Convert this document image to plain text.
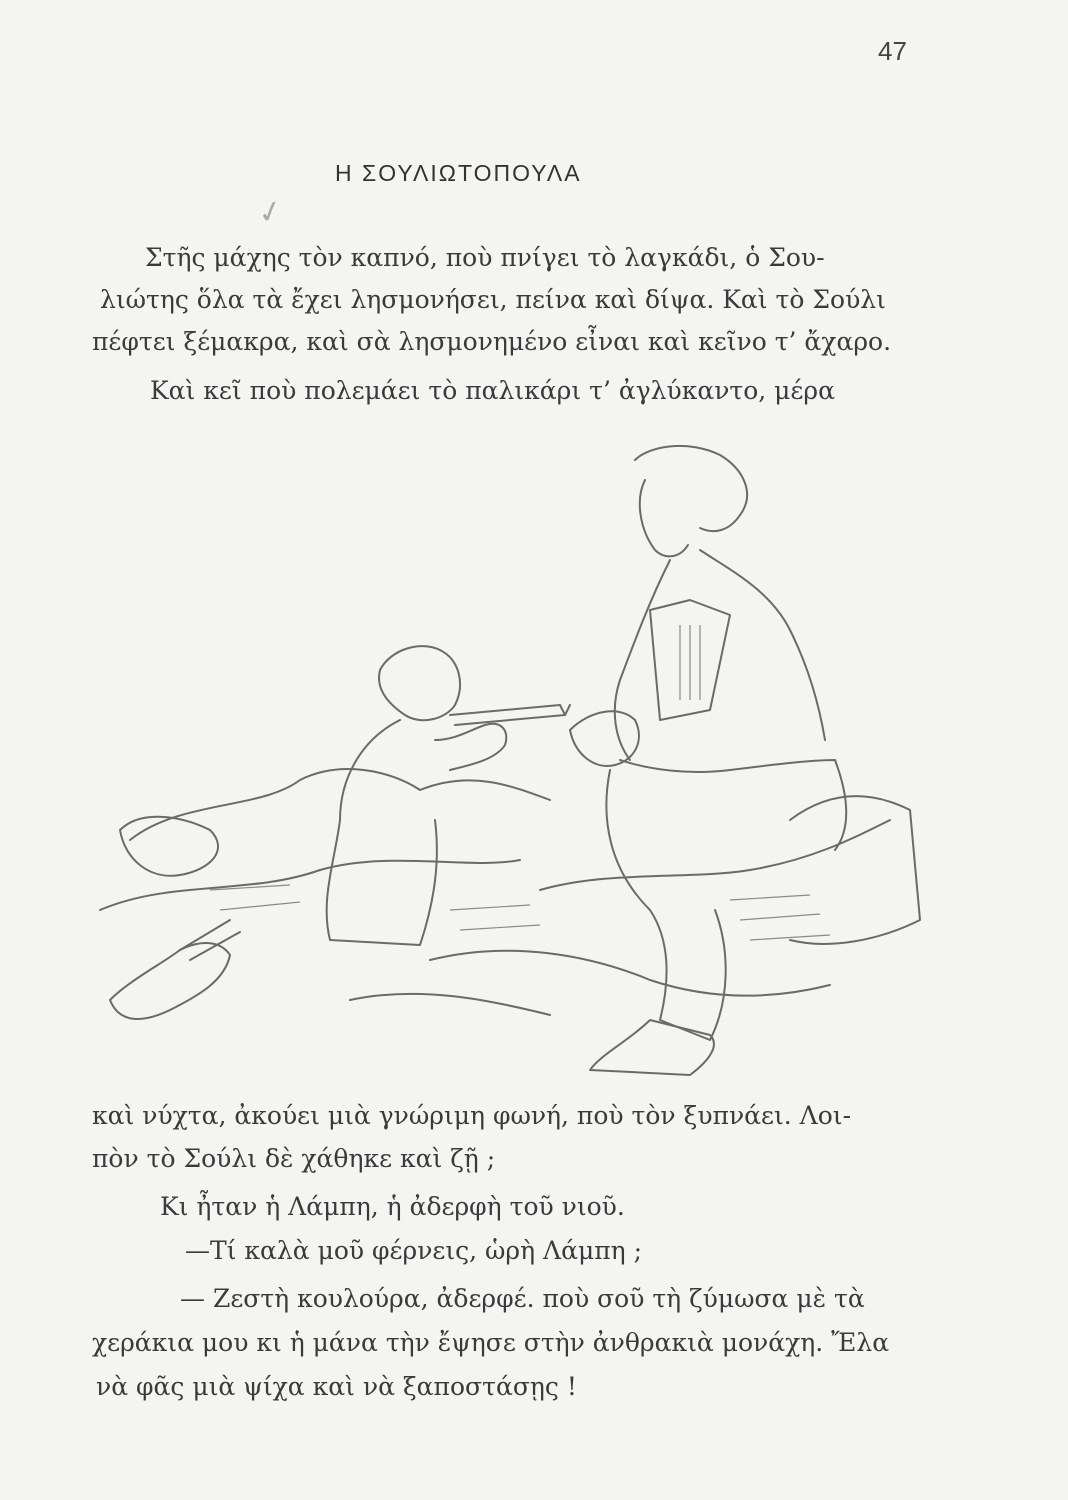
47
✓
Η ΣΟΥΛΙΩΤΟΠΟΥΛΑ
Στῆς μάχης τὸν καπνό, ποὺ πνίγει τὸ λαγκάδι, ὁ Σου-
λιώτης ὅλα τὰ ἔχει λησμονήσει, πείνα καὶ δίψα. Καὶ τὸ Σούλι
πέφτει ξέμακρα, καὶ σὰ λησμονημένο εἶναι καὶ κεῖνο τ’ ἄχαρο.
Καὶ κεῖ ποὺ πολεμάει τὸ παλικάρι τ’ ἀγλύκαντο, μέρα
καὶ νύχτα, ἀκούει μιὰ γνώριμη φωνή, ποὺ τὸν ξυπνάει. Λοι-
πὸν τὸ Σούλι δὲ χάθηκε καὶ ζῇ ;
Κι ἦταν ἡ Λάμπη, ἡ ἀδερφὴ τοῦ νιοῦ.
—Τί καλὰ μοῦ φέρνεις, ὡρὴ Λάμπη ;
— Ζεστὴ κουλούρα, ἀδερφέ. ποὺ σοῦ τὴ ζύμωσα μὲ τὰ
χεράκια μου κι ἡ μάνα τὴν ἔψησε στὴν ἀνθρακιὰ μονάχη. Ἔλα
νὰ φᾶς μιὰ ψίχα καὶ νὰ ξαποστάσῃς !
